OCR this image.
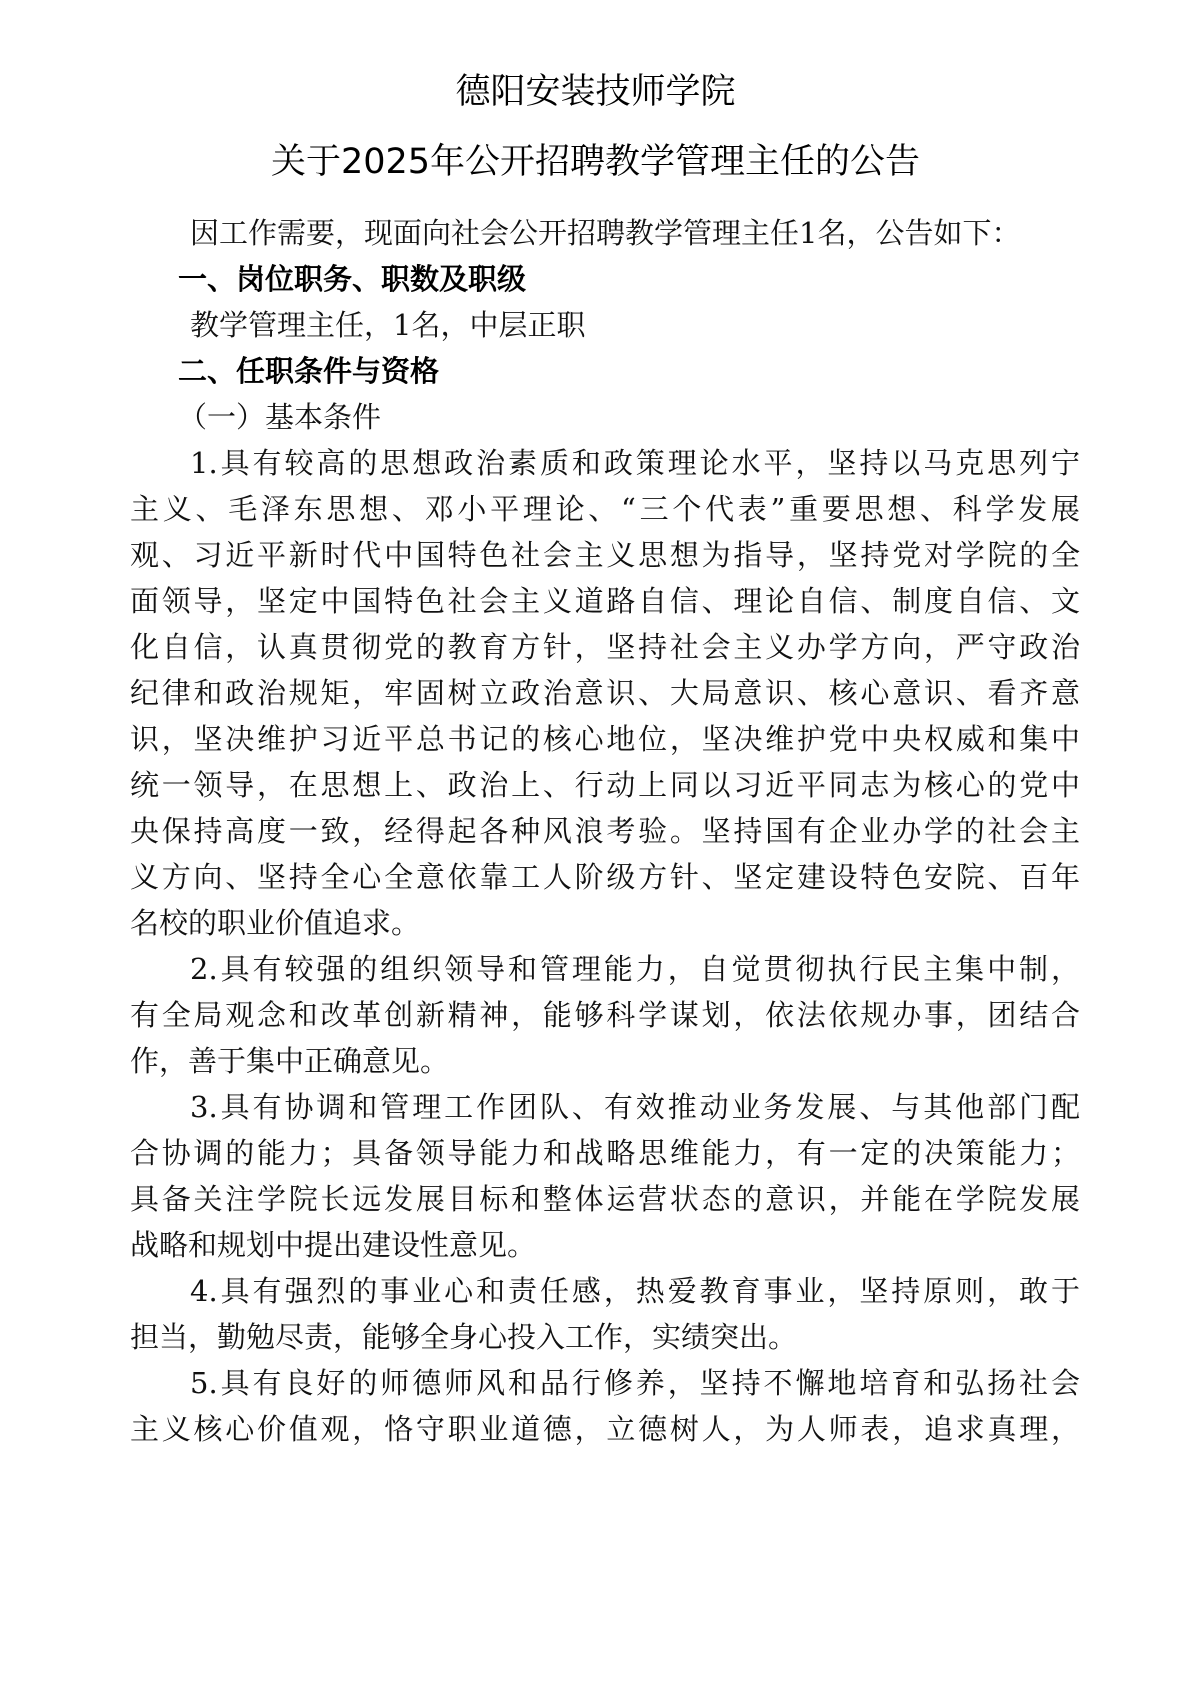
德阳安装技师学院
关于2025年公开招聘教学管理主任的公告
因工作需要，现面向社会公开招聘教学管理主任1名，公告如下：
一、岗位职务、职数及职级
教学管理主任，1名，中层正职
二、任职条件与资格
（一）基本条件
1.具有较高的思想政治素质和政策理论水平，坚持以马克思列宁
主义、毛泽东思想、邓小平理论、“三个代表”重要思想、科学发展
观、习近平新时代中国特色社会主义思想为指导，坚持党对学院的全
面领导，坚定中国特色社会主义道路自信、理论自信、制度自信、文
化自信，认真贯彻党的教育方针，坚持社会主义办学方向，严守政治
纪律和政治规矩，牢固树立政治意识、大局意识、核心意识、看齐意
识，坚决维护习近平总书记的核心地位，坚决维护党中央权威和集中
统一领导，在思想上、政治上、行动上同以习近平同志为核心的党中
央保持高度一致，经得起各种风浪考验。坚持国有企业办学的社会主
义方向、坚持全心全意依靠工人阶级方针、坚定建设特色安院、百年
名校的职业价值追求。
2.具有较强的组织领导和管理能力，自觉贯彻执行民主集中制，
有全局观念和改革创新精神，能够科学谋划，依法依规办事，团结合
作，善于集中正确意见。
3.具有协调和管理工作团队、有效推动业务发展、与其他部门配
合协调的能力；具备领导能力和战略思维能力，有一定的决策能力；
具备关注学院长远发展目标和整体运营状态的意识，并能在学院发展
战略和规划中提出建设性意见。
4.具有强烈的事业心和责任感，热爱教育事业，坚持原则，敢于
担当，勤勉尽责，能够全身心投入工作，实绩突出。
5.具有良好的师德师风和品行修养，坚持不懈地培育和弘扬社会
主义核心价值观，恪守职业道德，立德树人，为人师表，追求真理，
